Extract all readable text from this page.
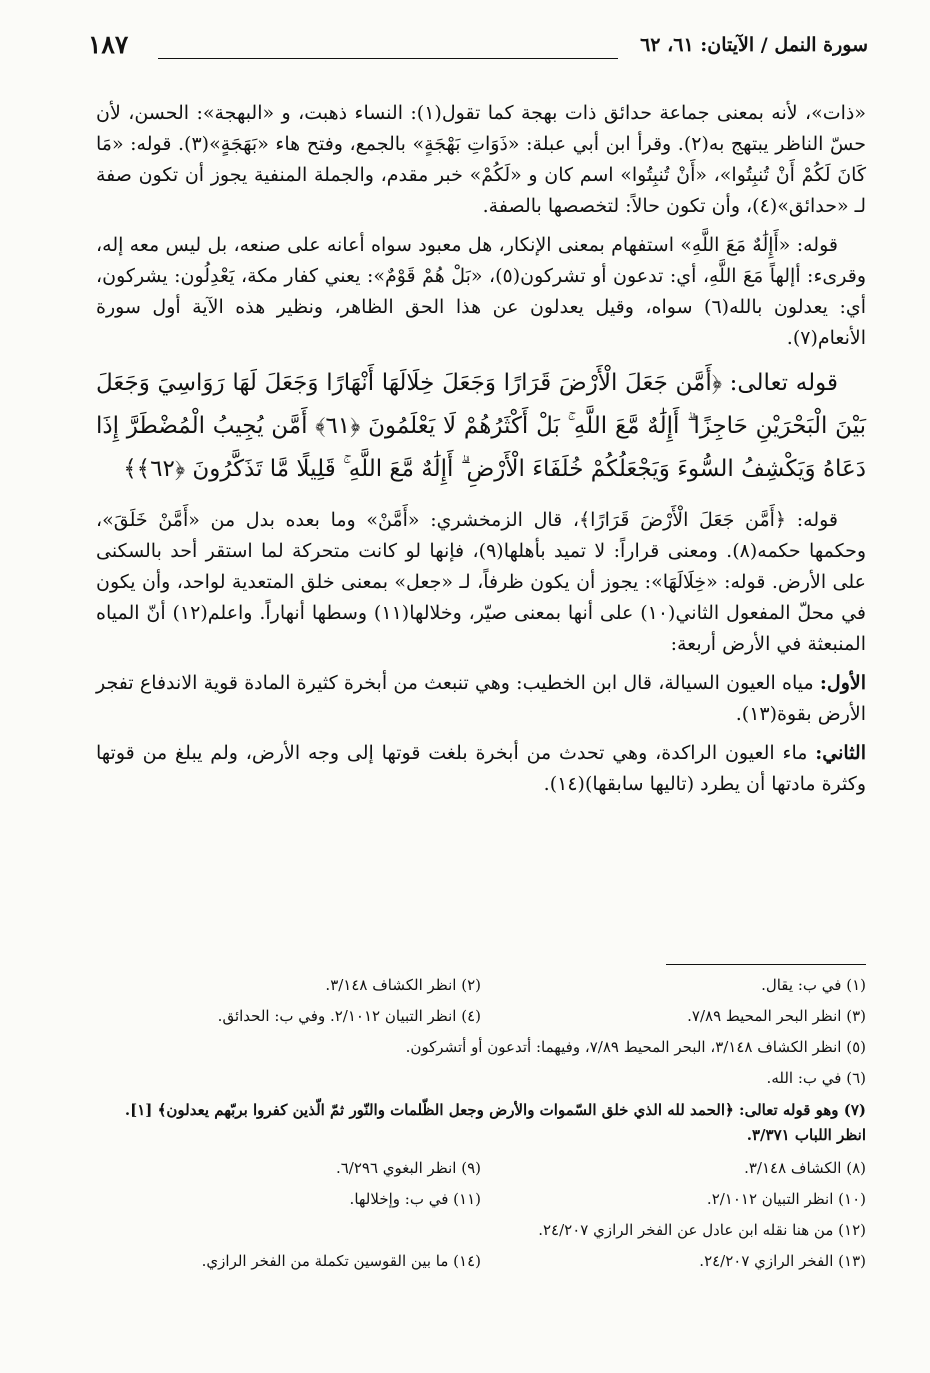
سورة النمل / الآيتان: ٦١، ٦٢
١٨٧

«ذات»، لأنه بمعنى جماعة حدائق ذات بهجة كما تقول(١): النساء ذهبت، و «البهجة»: الحسن، لأن حسّ الناظر يبتهج به(٢). وقرأ ابن أبي عبلة: «ذَوَاتِ بَهْجَةٍ» بالجمع، وفتح هاء «بَهَجَةٍ»(٣). قوله: «مَا كَانَ لَكُمْ أَنْ تُنبِتُوا»، «أَنْ تُنبِتُوا» اسم كان و «لَكُمْ» خبر مقدم، والجملة المنفية يجوز أن تكون صفة لـ «حدائق»(٤)، وأن تكون حالاً: لتخصصها بالصفة.

قوله: «أَإِلَٰهٌ مَعَ اللَّهِ» استفهام بمعنى الإنكار، هل معبود سواه أعانه على صنعه، بل ليس معه إله، وقرىء: أإلهاً مَعَ اللَّهِ، أي: تدعون أو تشركون(٥)، «بَلْ هُمْ قَوْمٌ»: يعني كفار مكة، يَعْدِلُون: يشركون، أي: يعدلون بالله(٦) سواه، وقيل يعدلون عن هذا الحق الظاهر، ونظير هذه الآية أول سورة الأنعام(٧).

قوله تعالى: ﴿أَمَّن جَعَلَ الْأَرْضَ قَرَارًا وَجَعَلَ خِلَالَهَا أَنْهَارًا وَجَعَلَ لَهَا رَوَاسِيَ وَجَعَلَ بَيْنَ الْبَحْرَيْنِ حَاجِزًا ۗ أَإِلَٰهٌ مَّعَ اللَّهِ ۚ بَلْ أَكْثَرُهُمْ لَا يَعْلَمُونَ ﴿٦١﴾ أَمَّن يُجِيبُ الْمُضْطَرَّ إِذَا دَعَاهُ وَيَكْشِفُ السُّوءَ وَيَجْعَلُكُمْ خُلَفَاءَ الْأَرْضِ ۗ أَإِلَٰهٌ مَّعَ اللَّهِ ۚ قَلِيلًا مَّا تَذَكَّرُونَ ﴿٦٢﴾﴾

قوله: ﴿أَمَّن جَعَلَ الْأَرْضَ قَرَارًا﴾، قال الزمخشري: «أَمَّنْ» وما بعده بدل من «أَمَّنْ خَلَقَ»، وحكمها حكمه(٨). ومعنى قراراً: لا تميد بأهلها(٩)، فإنها لو كانت متحركة لما استقر أحد بالسكنى على الأرض. قوله: «خِلَالَهَا»: يجوز أن يكون ظرفاً، لـ «جعل» بمعنى خلق المتعدية لواحد، وأن يكون في محلّ المفعول الثاني(١٠) على أنها بمعنى صيّر، وخلالها(١١) وسطها أنهاراً. واعلم(١٢) أنّ المياه المنبعثة في الأرض أربعة:

الأول: مياه العيون السيالة، قال ابن الخطيب: وهي تنبعث من أبخرة كثيرة المادة قوية الاندفاع تفجر الأرض بقوة(١٣).

الثاني: ماء العيون الراكدة، وهي تحدث من أبخرة بلغت قوتها إلى وجه الأرض، ولم يبلغ من قوتها وكثرة مادتها أن يطرد (تاليها سابقها)(١٤).

(١) في ب: يقال.
(٢) انظر الكشاف ٣/١٤٨.
(٣) انظر البحر المحيط ٧/٨٩.
(٤) انظر التبيان ٢/١٠١٢. وفي ب: الحدائق.
(٥) انظر الكشاف ٣/١٤٨، البحر المحيط ٧/٨٩، وفيهما: أتدعون أو أتشركون.
(٦) في ب: الله.
(٧) وهو قوله تعالى: ﴿الحمد لله الذي خلق السّموات والأرض وجعل الظّلمات والنّور ثمّ الّذين كفروا بربّهم يعدلون﴾ [١]. انظر اللباب ٣/٣٧١.
(٨) الكشاف ٣/١٤٨.
(٩) انظر البغوي ٦/٢٩٦.
(١٠) انظر التبيان ٢/١٠١٢.
(١١) في ب: وإخلالها.
(١٢) من هنا نقله ابن عادل عن الفخر الرازي ٢٤/٢٠٧.
(١٣) الفخر الرازي ٢٤/٢٠٧.
(١٤) ما بين القوسين تكملة من الفخر الرازي.
